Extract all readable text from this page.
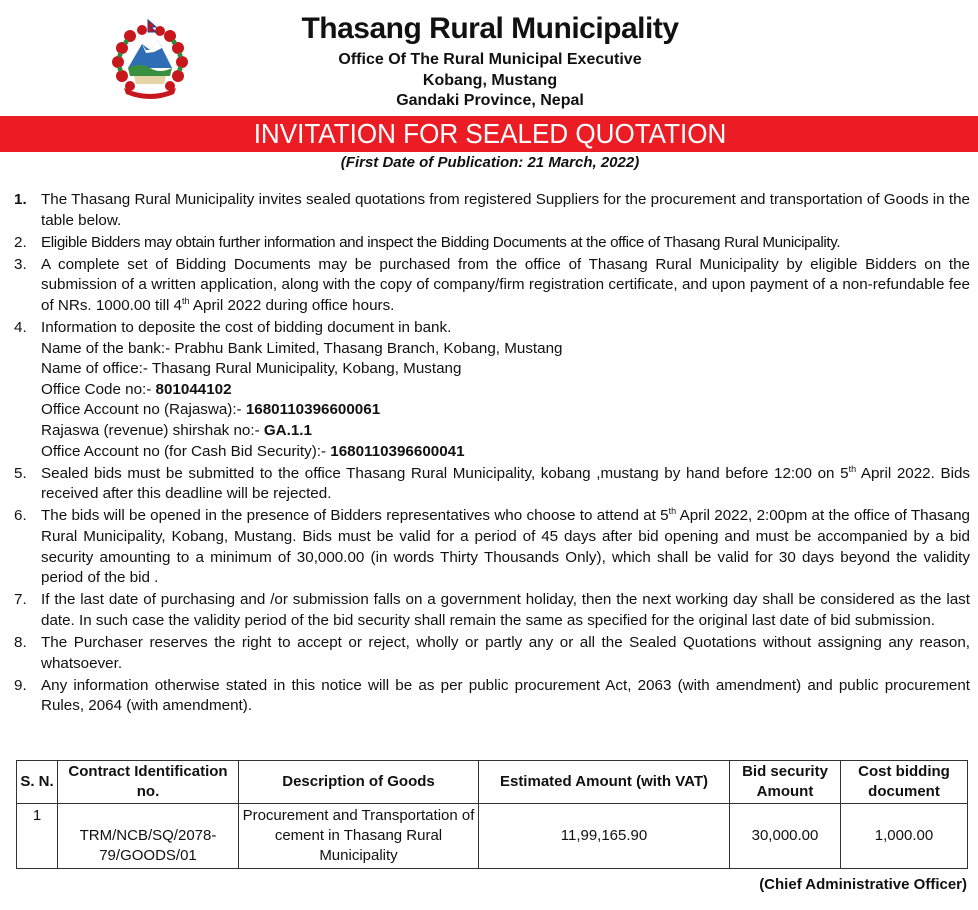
Thasang Rural Municipality
Office Of The Rural Municipal Executive
Kobang, Mustang
Gandaki Province, Nepal
INVITATION FOR SEALED QUOTATION
(First Date of Publication: 21 March, 2022)
1. The Thasang Rural Municipality invites sealed quotations from registered Suppliers for the procurement and transportation of Goods in the table below.
2. Eligible Bidders may obtain further information and inspect the Bidding Documents at the office of Thasang Rural Municipality.
3. A complete set of Bidding Documents may be purchased from the office of Thasang Rural Municipality by eligible Bidders on the submission of a written application, along with the copy of company/firm registration certificate, and upon payment of a non-refundable fee of NRs. 1000.00 till 4th April 2022 during office hours.
4. Information to deposite the cost of bidding document in bank.
Name of the bank:- Prabhu Bank Limited, Thasang Branch, Kobang, Mustang
Name of office:- Thasang Rural Municipality, Kobang, Mustang
Office Code no:- 801044102
Office Account no (Rajaswa):- 1680110396600061
Rajaswa (revenue) shirshak no:- GA.1.1
Office Account no (for Cash Bid Security):- 1680110396600041
5. Sealed bids must be submitted to the office Thasang Rural Municipality, kobang ,mustang by hand before 12:00 on 5th April 2022. Bids received after this deadline will be rejected.
6. The bids will be opened in the presence of Bidders representatives who choose to attend at 5th April 2022, 2:00pm at the office of Thasang Rural Municipality, Kobang, Mustang. Bids must be valid for a period of 45 days after bid opening and must be accompanied by a bid security amounting to a minimum of 30,000.00 (in words Thirty Thousands Only), which shall be valid for 30 days beyond the validity period of the bid .
7. If the last date of purchasing and /or submission falls on a government holiday, then the next working day shall be considered as the last date. In such case the validity period of the bid security shall remain the same as specified for the original last date of bid submission.
8. The Purchaser reserves the right to accept or reject, wholly or partly any or all the Sealed Quotations without assigning any reason, whatsoever.
9. Any information otherwise stated in this notice will be as per public procurement Act, 2063 (with amendment) and public procurement Rules, 2064 (with amendment).
S. N.	Contract Identification no.	Description of Goods	Estimated Amount (with VAT)	Bid security Amount	Cost bidding document
1	TRM/NCB/SQ/2078-79/GOODS/01	Procurement and Transportation of cement in Thasang Rural Municipality	11,99,165.90	30,000.00	1,000.00
(Chief Administrative Officer)
